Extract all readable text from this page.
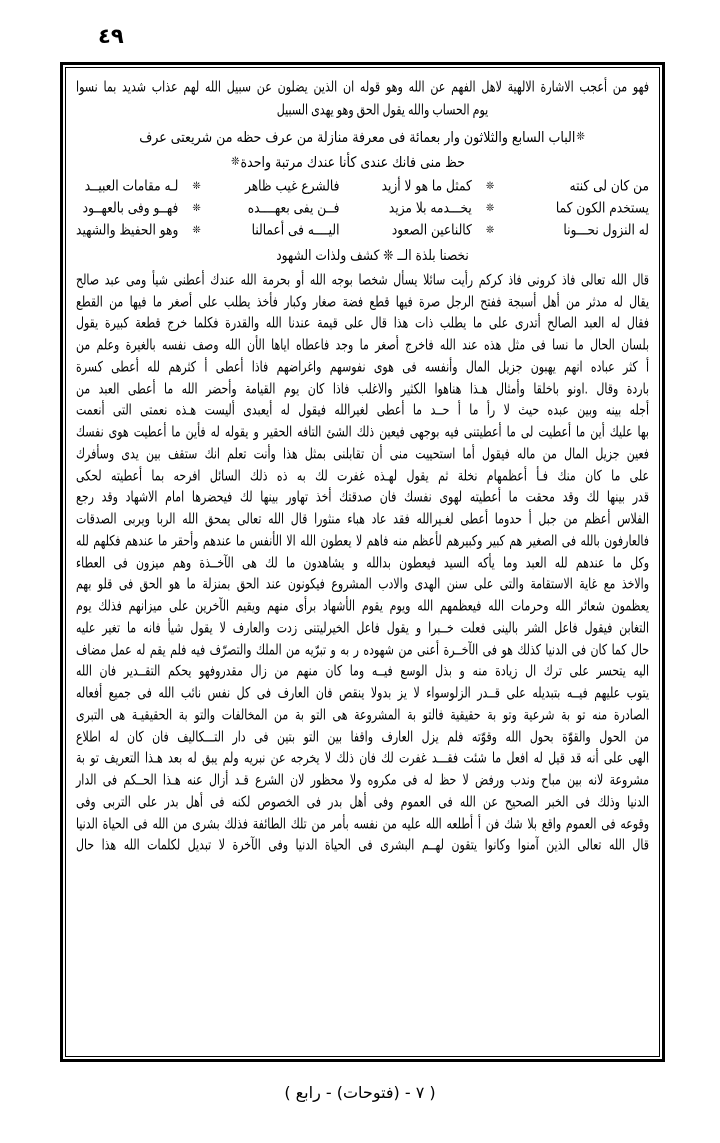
٤٩
فهو من أعجب الاشارة الالهية لاهل الفهم عن الله وهو قوله ان الذين يضلون عن سبيل الله لهم عذاب شديد بما نسوا
يوم الحساب والله يقول الحق وهو يهدى السبيل
❊الباب السابع والثلاثون وار بعمائة فى معرفة منازلة من عرف حظه من شريعتى عرف
حظ منى فانك عندى كأنا عندك مرتبة واحدة❊
من كان لى كنته	❊	كمثل ما هو لا أزيد	فالشرع غيب ظاهر	❊	لـه مقامات العبيــد
يستخدم الكون كما	❊	يخـــدمه بلا مزيد	فــن يفى بعهــــده	❊	فهــو وفى بالعهــود
له النزول نحـــونا	❊	كالناعين الصعود	اليــــه فى أعمالنا	❊	وهو الحفيظ والشهيد
نخصنا بلذة الــ ❊ كشف ولذات الشهود
قال الله تعالى فاذ كرونى فاذ كركم رأيت سائلا يسأل شخصا بوجه الله أو بحرمة الله عندك أعطنى شيأ ومى عبد صالح
يقال له مدثر من أهل أسبجة ففتح الرجل صرة فيها قطع فضة صغار وكبار فأخذ يطلب على أصغر ما فيها من القطع
فقال له العبد الصالح أتدرى على ما يطلب ذات هذا قال على قيمة عندنا الله والقدرة فكلما خرج قطعة كبيرة يقول
بلسان الحال ما نسا فى مثل هذه عند الله فاخرج أصغر ما وجد فاعطاه اياها الأن الله وصف نفسه بالغيرة وعلم من
أ كثر عباده انهم يهبون جزيل المال وأنفسه فى هوى نفوسهم واغراضهم فاذا أعطى أ كثرهم لله أعطى كسرة
باردة وقال .اونو باخلقا وأمثال هـذا هناهوا الكثير والاغلب فاذا كان يوم القيامة وأحضر الله ما أعطى العبد من
أجله بينه وبين عبده حيث لا رأ ما أ حــد ما أعطى لغيرالله فيقول له أيعبدى أليست هـذه نعمتى التى أنعمت
بها عليك أين ما أعطيت لى ما أعطيتنى فيه بوجهى فيعين ذلك الشئ التافه الحقير و يقوله له فأين ما أعطيت هوى نفسك
فعين جزيل المال من ماله فيقول أما استحييت منى أن تقابلنى بمثل هذا وأنت تعلم انك ستقف بين يدى وسأفرك
على ما كان منك فـأ أعظمهام نخلة ثم يقول لهـذه غفرت لك به ذه ذلك السائل افرحه بما أعطيته لحكى
قدر بينها لك وقد محقت ما أعطيته لهوى نفسك فان صدقتك أخذ تهاور بينها لك فيحضرها امام الاشهاد وقد رجع
الفلاس أعظم من جبل أ حدوما أعطى لغـيرالله فقد عاد هباء منثورا قال الله تعالى يمحق الله الربا ويربى الصدقات
فالعارفون بالله فى الصغير هم كبير وكبيرهم لأعظم منه فاهم لا يعطون الله الا الأنفس ما عندهم وأحقر ما عندهم فكلهم لله
وكل ما عندهم لله العبد وما يأكه السيد فيعطون بدالله و يشاهدون ما لك هى الآخــذة وهم ميزون فى العطاء
والاخذ مع غاية الاستقامة والتى على سنن الهدى والادب المشروع فيكونون عند الحق بمنزلة ما هو الحق فى قلو بهم
يعظمون شعائر الله وحرمات الله فيعظمهم الله ويوم يقوم الأشهاد برأى منهم ويقيم الآخرين على ميزانهم فذلك يوم
التغابن فيقول فاعل الشر بالينى فعلت خــبرا و يقول فاعل الخيرليتنى زدت والعارف لا يقول شيأ فانه ما تغير عليه
حال كما كان فى الدنيا كذلك هو فى الآخــرة أعنى من شهوده ر به و تبرّيه من الملك والتصرّف فيه فلم يقم له عمل مضاف
اليه يتحسر على ترك ال زيادة منه و بذل الوسع فيــه وما كان منهم من زال مقدروفهو يحكم التقــدير فان الله
يتوب عليهم فيــه بتبديله على قــدر الزلوسواء لا يز بدولا ينقص فان العارف فى كل نفس نائب الله فى جميع أفعاله
الصادرة منه تو بة شرعية وتو بة حقيقية فالتو بة المشروعة هى التو بة من المخالفات والتو بة الحقيقيـة هى التبرى
من الحول والقوّة بحول الله وقوّته فلم يزل العارف واقفا بين التو بتين فى دار التـــكاليف فان كان له اطلاع
الهى على أنه قد قيل له افعل ما شئت فقـــد غفرت لك فان ذلك لا يخرجه عن نبريه ولم يبق له بعد هـذا التعريف تو بة
مشروعة لانه بين مباح وندب ورفض لا حظ له فى مكروه ولا محظور لان الشرع قـد أزال عنه هـذا الحــكم فى الدار
الدنيا وذلك فى الخبر الصحيح عن الله فى العموم وفى أهل بدر فى الخصوص لكنه فى أهل بدر على التربى وفى
وقوعه فى العموم واقع بلا شك فن أ أطلعه الله عليه من نفسه بأمر من تلك الطائفة فذلك بشرى من الله فى الحياة الدنيا
قال الله تعالى الذين آمنوا وكانوا يتقون لهــم البشرى فى الحياة الدنيا وفى الآخرة لا تبديل لكلمات الله هذا حال
( ٧ - (فتوحات) - رابع )
